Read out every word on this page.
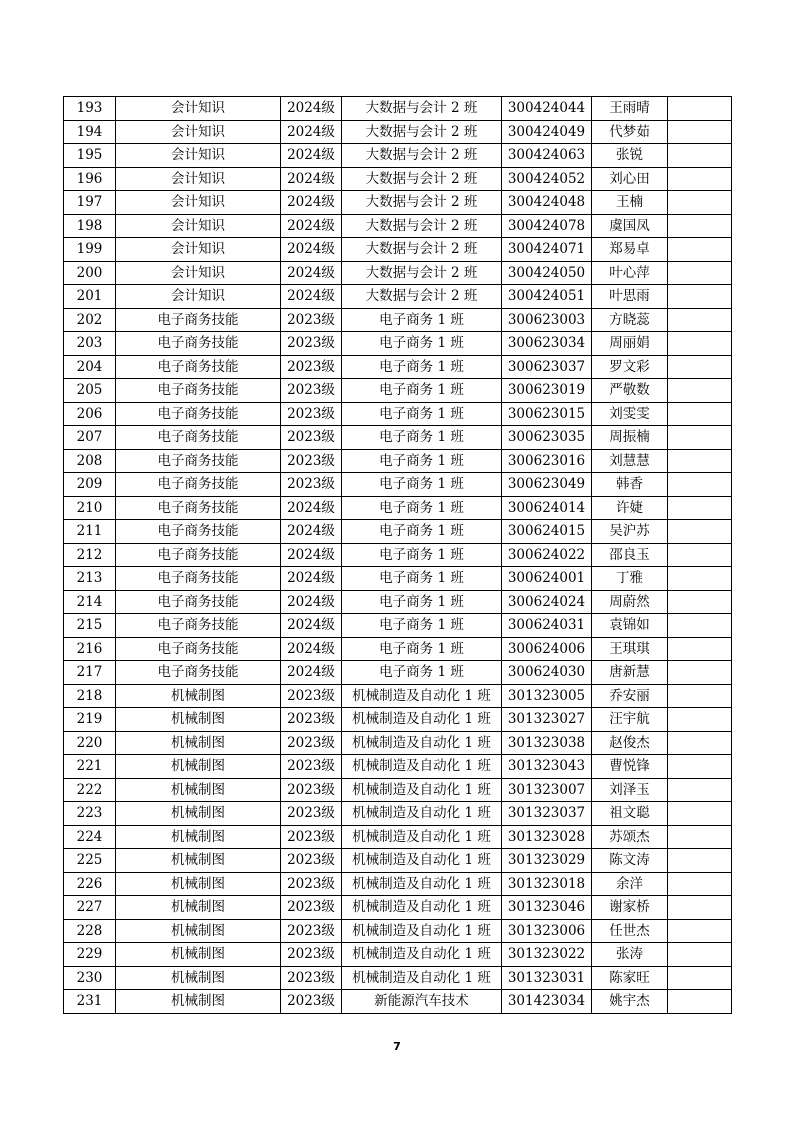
193	会计知识	2024级	大数据与会计 2 班	300424044	王雨晴	
194	会计知识	2024级	大数据与会计 2 班	300424049	代梦茹	
195	会计知识	2024级	大数据与会计 2 班	300424063	张锐	
196	会计知识	2024级	大数据与会计 2 班	300424052	刘心田	
197	会计知识	2024级	大数据与会计 2 班	300424048	王楠	
198	会计知识	2024级	大数据与会计 2 班	300424078	虞国凤	
199	会计知识	2024级	大数据与会计 2 班	300424071	郑易卓	
200	会计知识	2024级	大数据与会计 2 班	300424050	叶心萍	
201	会计知识	2024级	大数据与会计 2 班	300424051	叶思雨	
202	电子商务技能	2023级	电子商务 1 班	300623003	方晓蕊	
203	电子商务技能	2023级	电子商务 1 班	300623034	周丽娟	
204	电子商务技能	2023级	电子商务 1 班	300623037	罗文彩	
205	电子商务技能	2023级	电子商务 1 班	300623019	严敬数	
206	电子商务技能	2023级	电子商务 1 班	300623015	刘雯雯	
207	电子商务技能	2023级	电子商务 1 班	300623035	周振楠	
208	电子商务技能	2023级	电子商务 1 班	300623016	刘慧慧	
209	电子商务技能	2023级	电子商务 1 班	300623049	韩香	
210	电子商务技能	2024级	电子商务 1 班	300624014	许婕	
211	电子商务技能	2024级	电子商务 1 班	300624015	吴沪苏	
212	电子商务技能	2024级	电子商务 1 班	300624022	邵良玉	
213	电子商务技能	2024级	电子商务 1 班	300624001	丁雅	
214	电子商务技能	2024级	电子商务 1 班	300624024	周蔚然	
215	电子商务技能	2024级	电子商务 1 班	300624031	袁锦如	
216	电子商务技能	2024级	电子商务 1 班	300624006	王琪琪	
217	电子商务技能	2024级	电子商务 1 班	300624030	唐新慧	
218	机械制图	2023级	机械制造及自动化 1 班	301323005	乔安丽	
219	机械制图	2023级	机械制造及自动化 1 班	301323027	汪宇航	
220	机械制图	2023级	机械制造及自动化 1 班	301323038	赵俊杰	
221	机械制图	2023级	机械制造及自动化 1 班	301323043	曹悦锋	
222	机械制图	2023级	机械制造及自动化 1 班	301323007	刘泽玉	
223	机械制图	2023级	机械制造及自动化 1 班	301323037	祖文聪	
224	机械制图	2023级	机械制造及自动化 1 班	301323028	苏颂杰	
225	机械制图	2023级	机械制造及自动化 1 班	301323029	陈文涛	
226	机械制图	2023级	机械制造及自动化 1 班	301323018	余洋	
227	机械制图	2023级	机械制造及自动化 1 班	301323046	谢家桥	
228	机械制图	2023级	机械制造及自动化 1 班	301323006	任世杰	
229	机械制图	2023级	机械制造及自动化 1 班	301323022	张涛	
230	机械制图	2023级	机械制造及自动化 1 班	301323031	陈家旺	
231	机械制图	2023级	新能源汽车技术	301423034	姚宇杰	
7
